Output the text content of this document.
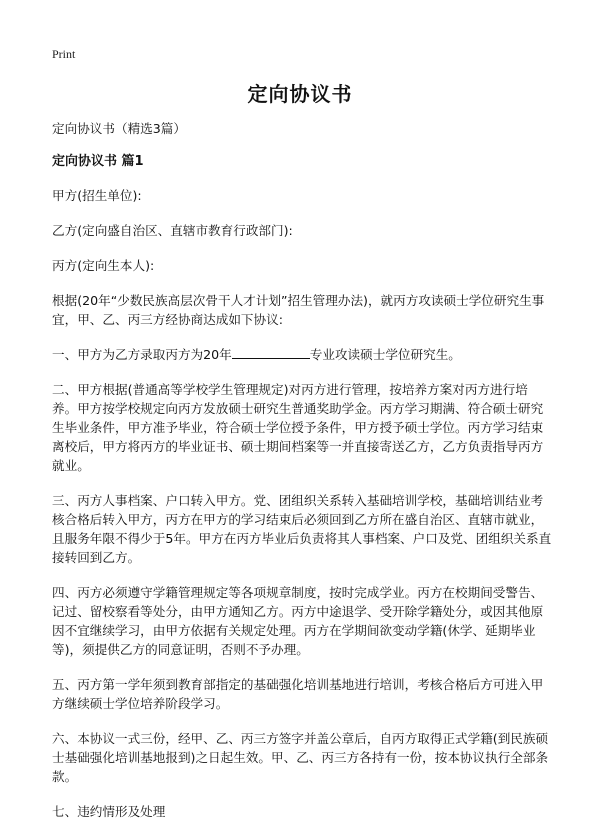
Print
定向协议书

定向协议书（精选3篇）

定向协议书 篇1

甲方(招生单位):

乙方(定向盛自治区、直辖市教育行政部门):

丙方(定向生本人):

根据(20年“少数民族高层次骨干人才计划”招生管理办法)，就丙方攻读硕士学位研究生事宜，甲、乙、丙三方经协商达成如下协议:

一、甲方为乙方录取丙方为20年	专业攻读硕士学位研究生。

二、甲方根据(普通高等学校学生管理规定)对丙方进行管理，按培养方案对丙方进行培养。甲方按学校规定向丙方发放硕士研究生普通奖助学金。丙方学习期满、符合硕士研究生毕业条件，甲方准予毕业，符合硕士学位授予条件，甲方授予硕士学位。丙方学习结束离校后，甲方将丙方的毕业证书、硕士期间档案等一并直接寄送乙方，乙方负责指导丙方就业。

三、丙方人事档案、户口转入甲方。党、团组织关系转入基础培训学校，基础培训结业考核合格后转入甲方，丙方在甲方的学习结束后必须回到乙方所在盛自治区、直辖市就业，且服务年限不得少于5年。甲方在丙方毕业后负责将其人事档案、户口及党、团组织关系直接转回到乙方。

四、丙方必须遵守学籍管理规定等各项规章制度，按时完成学业。丙方在校期间受警告、记过、留校察看等处分，由甲方通知乙方。丙方中途退学、受开除学籍处分，或因其他原因不宜继续学习，由甲方依据有关规定处理。丙方在学期间欲变动学籍(休学、延期毕业等)，须提供乙方的同意证明，否则不予办理。

五、丙方第一学年须到教育部指定的基础强化培训基地进行培训，考核合格后方可进入甲方继续硕士学位培养阶段学习。

六、本协议一式三份，经甲、乙、丙三方签字并盖公章后，自丙方取得正式学籍(到民族硕士基础强化培训基地报到)之日起生效。甲、乙、丙三方各持有一份，按本协议执行全部条款。

七、违约情形及处理
